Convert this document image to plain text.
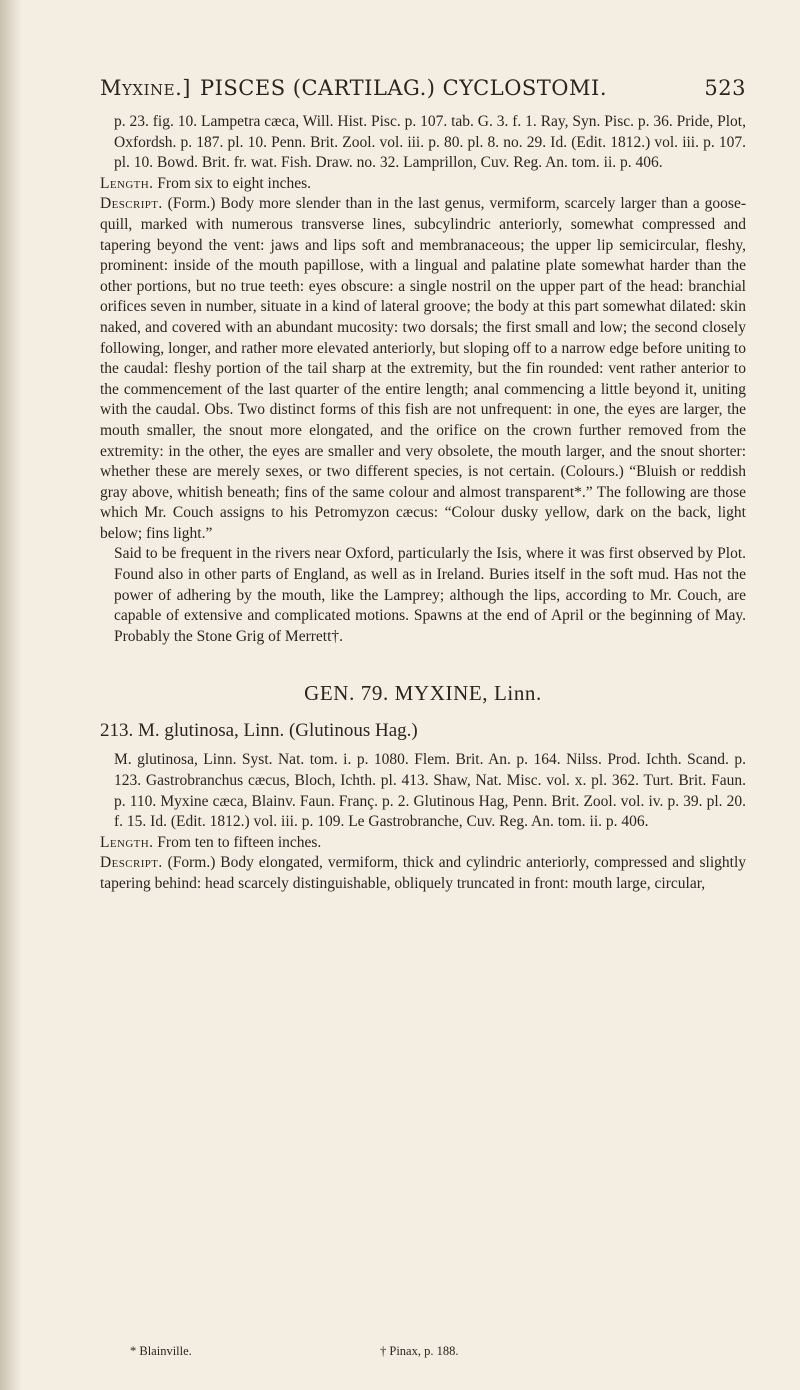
Myxine.] PISCES (CARTILAG.) CYCLOSTOMI.	523

p. 23. fig. 10. Lampetra cæca, Will. Hist. Pisc. p. 107. tab. G. 3. f. 1. Ray, Syn. Pisc. p. 36. Pride, Plot, Oxfordsh. p. 187. pl. 10. Penn. Brit. Zool. vol. iii. p. 80. pl. 8. no. 29. Id. (Edit. 1812.) vol. iii. p. 107. pl. 10. Bowd. Brit. fr. wat. Fish. Draw. no. 32. Lamprillon, Cuv. Reg. An. tom. ii. p. 406.

Length. From six to eight inches.

Descript. (Form.) Body more slender than in the last genus, vermiform, scarcely larger than a goose-quill, marked with numerous transverse lines, subcylindric anteriorly, somewhat compressed and tapering beyond the vent: jaws and lips soft and membranaceous; the upper lip semicircular, fleshy, prominent: inside of the mouth papillose, with a lingual and palatine plate somewhat harder than the other portions, but no true teeth: eyes obscure: a single nostril on the upper part of the head: branchial orifices seven in number, situate in a kind of lateral groove; the body at this part somewhat dilated: skin naked, and covered with an abundant mucosity: two dorsals; the first small and low; the second closely following, longer, and rather more elevated anteriorly, but sloping off to a narrow edge before uniting to the caudal: fleshy portion of the tail sharp at the extremity, but the fin rounded: vent rather anterior to the commencement of the last quarter of the entire length; anal commencing a little beyond it, uniting with the caudal. Obs. Two distinct forms of this fish are not unfrequent: in one, the eyes are larger, the mouth smaller, the snout more elongated, and the orifice on the crown further removed from the extremity: in the other, the eyes are smaller and very obsolete, the mouth larger, and the snout shorter: whether these are merely sexes, or two different species, is not certain. (Colours.) “Bluish or reddish gray above, whitish beneath; fins of the same colour and almost transparent*.” The following are those which Mr. Couch assigns to his Petromyzon cæcus: “Colour dusky yellow, dark on the back, light below; fins light.”

Said to be frequent in the rivers near Oxford, particularly the Isis, where it was first observed by Plot. Found also in other parts of England, as well as in Ireland. Buries itself in the soft mud. Has not the power of adhering by the mouth, like the Lamprey; although the lips, according to Mr. Couch, are capable of extensive and complicated motions. Spawns at the end of April or the beginning of May. Probably the Stone Grig of Merrett†.

GEN. 79. MYXINE, Linn.
213. M. glutinosa, Linn. (Glutinous Hag.)

M. glutinosa, Linn. Syst. Nat. tom. i. p. 1080. Flem. Brit. An. p. 164. Nilss. Prod. Ichth. Scand. p. 123. Gastrobranchus cæcus, Bloch, Ichth. pl. 413. Shaw, Nat. Misc. vol. x. pl. 362. Turt. Brit. Faun. p. 110. Myxine cæca, Blainv. Faun. Franç. p. 2. Glutinous Hag, Penn. Brit. Zool. vol. iv. p. 39. pl. 20. f. 15. Id. (Edit. 1812.) vol. iii. p. 109. Le Gastrobranche, Cuv. Reg. An. tom. ii. p. 406.

Length. From ten to fifteen inches.

Descript. (Form.) Body elongated, vermiform, thick and cylindric anteriorly, compressed and slightly tapering behind: head scarcely distinguishable, obliquely truncated in front: mouth large, circular,

* Blainville.	† Pinax, p. 188.
